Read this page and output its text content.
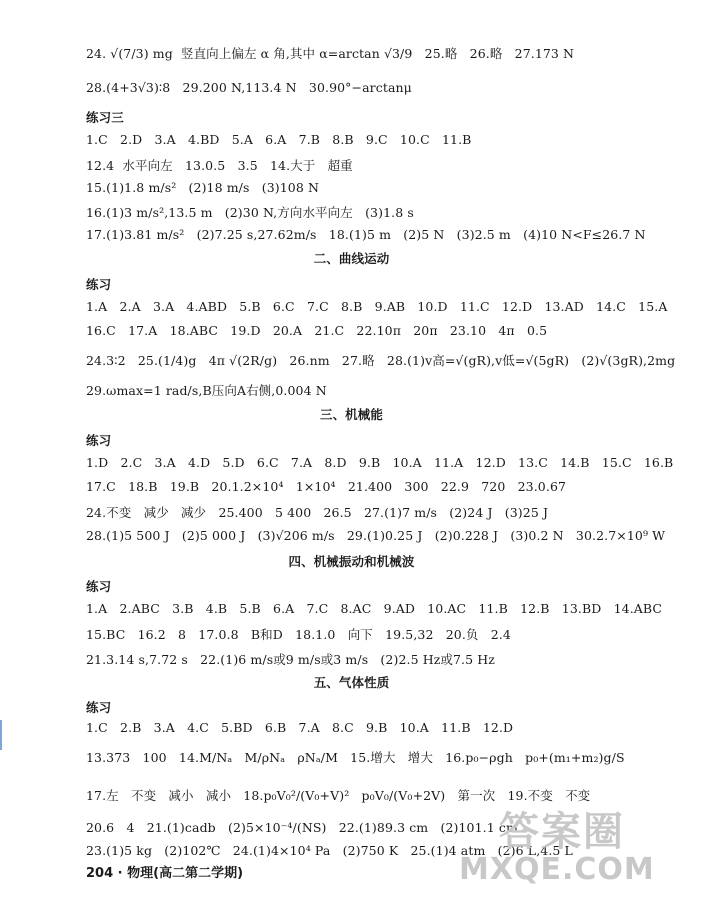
24. √(7/3) mg  竖直向上偏左 α 角,其中 α=arctan √3/9   25.略   26.略   27.173 N
28.(4+3√3)∶8   29.200 N,113.4 N   30.90°−arctanμ
练习三
1.C   2.D   3.A   4.BD   5.A   6.A   7.B   8.B   9.C   10.C   11.B
12.4  水平向左   13.0.5   3.5   14.大于   超重
15.(1)1.8 m/s²   (2)18 m/s   (3)108 N
16.(1)3 m/s²,13.5 m   (2)30 N,方向水平向左   (3)1.8 s
17.(1)3.81 m/s²   (2)7.25 s,27.62m/s   18.(1)5 m   (2)5 N   (3)2.5 m   (4)10 N<F≤26.7 N
二、曲线运动
练习
1.A   2.A   3.A   4.ABD   5.B   6.C   7.C   8.B   9.AB   10.D   11.C   12.D   13.AD   14.C   15.A
16.C   17.A   18.ABC   19.D   20.A   21.C   22.10π   20π   23.10   4π   0.5
24.3∶2   25.(1/4)g   4π √(2R/g)   26.nm   27.略   28.(1)v高=√(gR),v低=√(5gR)   (2)√(3gR),2mg
29.ωmax=1 rad/s,B压向A右侧,0.004 N
三、机械能
练习
1.D   2.C   3.A   4.D   5.D   6.C   7.A   8.D   9.B   10.A   11.A   12.D   13.C   14.B   15.C   16.B
17.C   18.B   19.B   20.1.2×10⁴   1×10⁴   21.400   300   22.9   720   23.0.67
24.不变   减少   减少   25.400   5 400   26.5   27.(1)7 m/s   (2)24 J   (3)25 J
28.(1)5 500 J   (2)5 000 J   (3)√206 m/s   29.(1)0.25 J   (2)0.228 J   (3)0.2 N   30.2.7×10⁹ W
四、机械振动和机械波
练习
1.A   2.ABC   3.B   4.B   5.B   6.A   7.C   8.AC   9.AD   10.AC   11.B   12.B   13.BD   14.ABC
15.BC   16.2   8   17.0.8   B和D   18.1.0   向下   19.5,32   20.负   2.4
21.3.14 s,7.72 s   22.(1)6 m/s或9 m/s或3 m/s   (2)2.5 Hz或7.5 Hz
五、气体性质
练习
1.C   2.B   3.A   4.C   5.BD   6.B   7.A   8.C   9.B   10.A   11.B   12.D
13.373   100   14.M/Nₐ   M/ρNₐ   ρNₐ/M   15.增大   增大   16.p₀−ρgh   p₀+(m₁+m₂)g/S
17.左   不变   减小   减小   18.p₀V₀²/(V₀+V)²   p₀V₀/(V₀+2V)   第一次   19.不变   不变
20.6   4   21.(1)cadb   (2)5×10⁻⁴/(NS)   22.(1)89.3 cm   (2)101.1 cm
23.(1)5 kg   (2)102℃   24.(1)4×10⁴ Pa   (2)750 K   25.(1)4 atm   (2)6 L,4.5 L
204 · 物理(高二第二学期)
答案圈
MXQE.COM
